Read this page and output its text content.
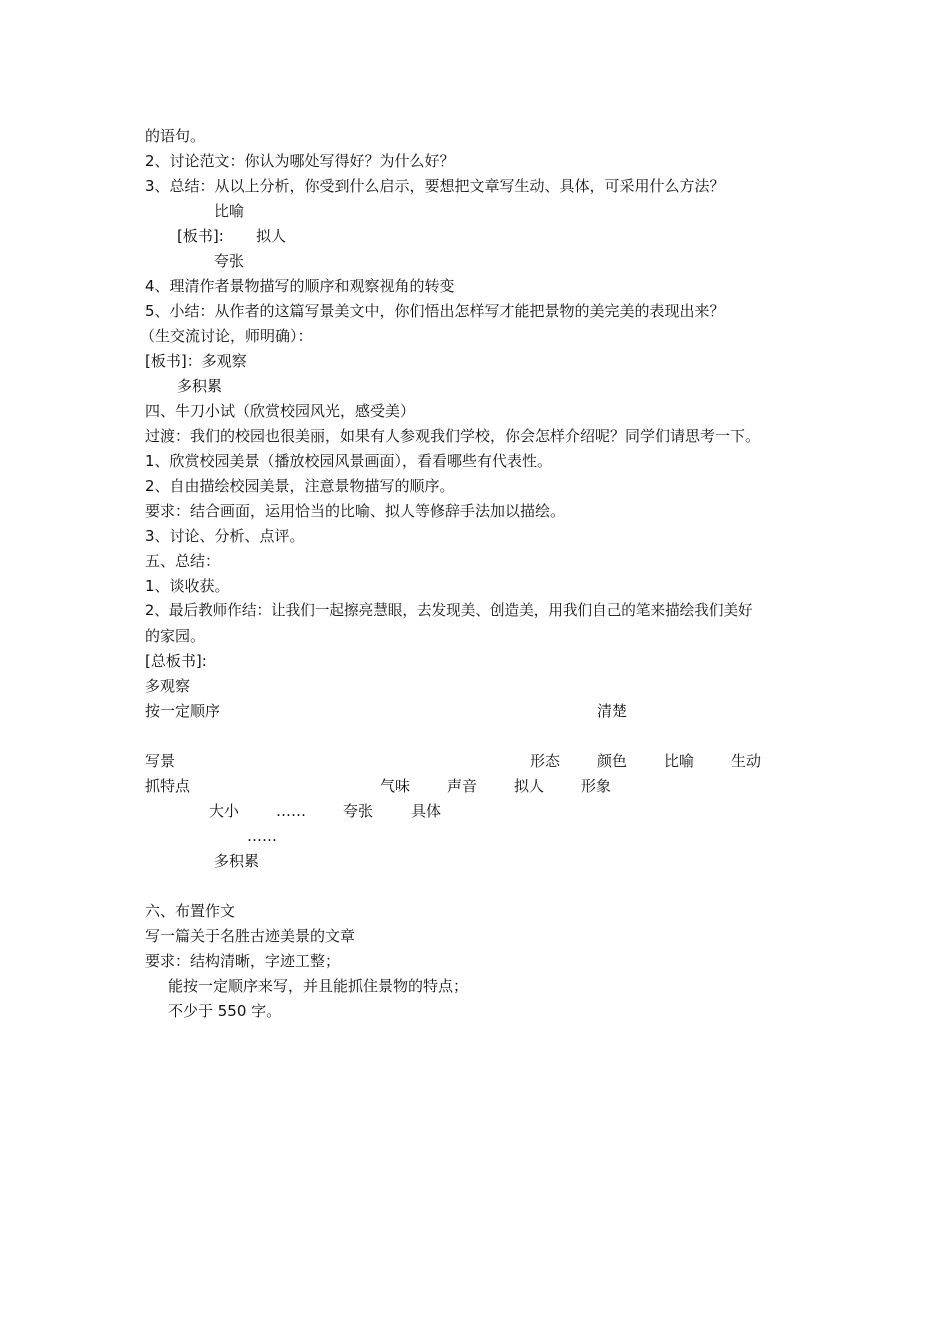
的语句。
2、讨论范文：你认为哪处写得好？为什么好？
3、总结：从以上分析，你受到什么启示，要想把文章写生动、具体，可采用什么方法？
比喻
[板书]: 拟人
夸张
4、理清作者景物描写的顺序和观察视角的转变
5、小结：从作者的这篇写景美文中，你们悟出怎样写才能把景物的美完美的表现出来？
（生交流讨论，师明确）：
[板书]：多观察
多积累
四、牛刀小试（欣赏校园风光，感受美）
过渡：我们的校园也很美丽，如果有人参观我们学校，你会怎样介绍呢？同学们请思考一下。
1、欣赏校园美景（播放校园风景画面），看看哪些有代表性。
2、自由描绘校园美景，注意景物描写的顺序。
要求：结合画面，运用恰当的比喻、拟人等修辞手法加以描绘。
3、讨论、分析、点评。
五、总结：
1、谈收获。
2、最后教师作结：让我们一起擦亮慧眼，去发现美、创造美，用我们自己的笔来描绘我们美好
的家园。
[总板书]:
多观察
按一定顺序	清楚
写景	形态 颜色 比喻 生动
抓特点	气味 声音 拟人 形象
大小 …… 夸张	具体
……
多积累
六、布置作文
写一篇关于名胜古迹美景的文章
要求：结构清晰，字迹工整；
能按一定顺序来写，并且能抓住景物的特点；
不少于 550 字。
